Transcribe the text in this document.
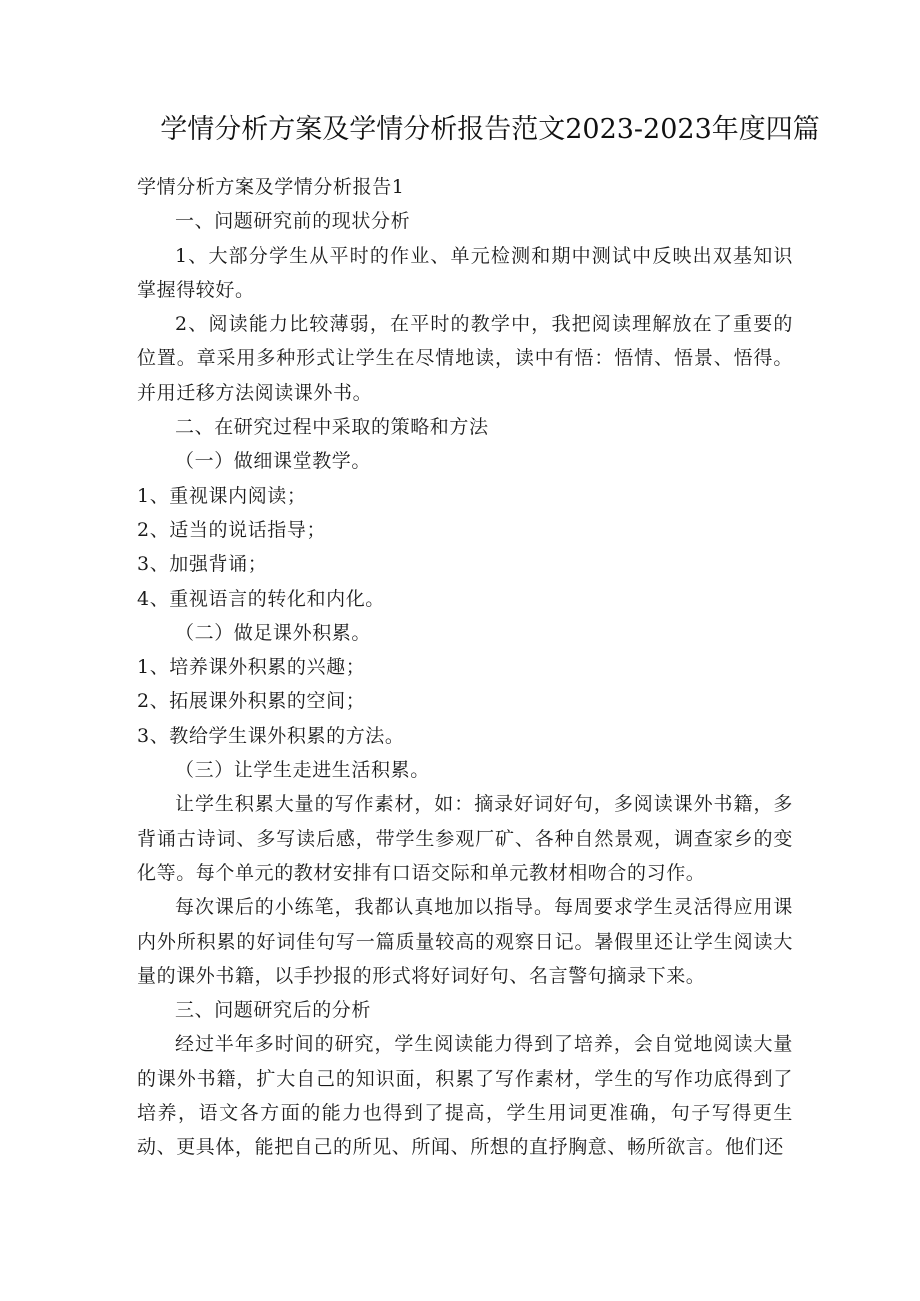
学情分析方案及学情分析报告范文2023-2023年度四篇

学情分析方案及学情分析报告1

一、问题研究前的现状分析

1、大部分学生从平时的作业、单元检测和期中测试中反映出双基知识掌握得较好。

2、阅读能力比较薄弱，在平时的教学中，我把阅读理解放在了重要的位置。章采用多种形式让学生在尽情地读，读中有悟：悟情、悟景、悟得。并用迁移方法阅读课外书。

二、在研究过程中采取的策略和方法

（一）做细课堂教学。

1、重视课内阅读；

2、适当的说话指导；

3、加强背诵；

4、重视语言的转化和内化。

（二）做足课外积累。

1、培养课外积累的兴趣；

2、拓展课外积累的空间；

3、教给学生课外积累的方法。

（三）让学生走进生活积累。

让学生积累大量的写作素材，如：摘录好词好句，多阅读课外书籍，多背诵古诗词、多写读后感，带学生参观厂矿、各种自然景观，调查家乡的变化等。每个单元的教材安排有口语交际和单元教材相吻合的习作。

每次课后的小练笔，我都认真地加以指导。每周要求学生灵活得应用课内外所积累的好词佳句写一篇质量较高的观察日记。暑假里还让学生阅读大量的课外书籍，以手抄报的形式将好词好句、名言警句摘录下来。

三、问题研究后的分析

经过半年多时间的研究，学生阅读能力得到了培养，会自觉地阅读大量的课外书籍，扩大自己的知识面，积累了写作素材，学生的写作功底得到了培养，语文各方面的能力也得到了提高，学生用词更准确，句子写得更生动、更具体，能把自己的所见、所闻、所想的直抒胸意、畅所欲言。他们还
